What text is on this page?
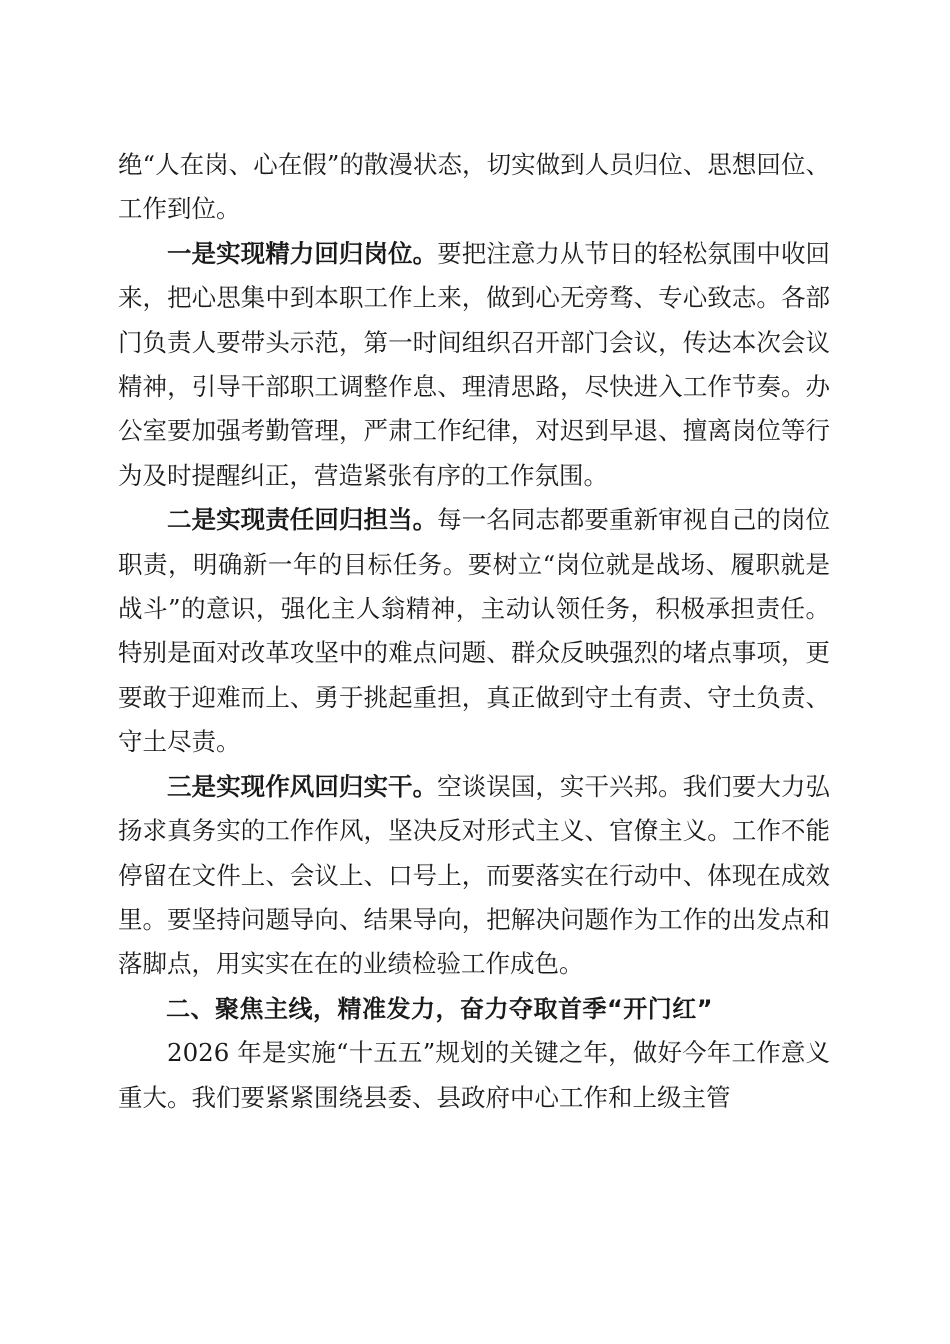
绝“人在岗、心在假”的散漫状态，切实做到人员归位、思想回位、工作到位。

一是实现精力回归岗位。要把注意力从节日的轻松氛围中收回来，把心思集中到本职工作上来，做到心无旁骛、专心致志。各部门负责人要带头示范，第一时间组织召开部门会议，传达本次会议精神，引导干部职工调整作息、理清思路，尽快进入工作节奏。办公室要加强考勤管理，严肃工作纪律，对迟到早退、擅离岗位等行为及时提醒纠正，营造紧张有序的工作氛围。

二是实现责任回归担当。每一名同志都要重新审视自己的岗位职责，明确新一年的目标任务。要树立“岗位就是战场、履职就是战斗”的意识，强化主人翁精神，主动认领任务，积极承担责任。特别是面对改革攻坚中的难点问题、群众反映强烈的堵点事项，更要敢于迎难而上、勇于挑起重担，真正做到守土有责、守土负责、守土尽责。

三是实现作风回归实干。空谈误国，实干兴邦。我们要大力弘扬求真务实的工作作风，坚决反对形式主义、官僚主义。工作不能停留在文件上、会议上、口号上，而要落实在行动中、体现在成效里。要坚持问题导向、结果导向，把解决问题作为工作的出发点和落脚点，用实实在在的业绩检验工作成色。

二、聚焦主线，精准发力，奋力夺取首季“开门红”

2026 年是实施“十五五”规划的关键之年，做好今年工作意义重大。我们要紧紧围绕县委、县政府中心工作和上级主管
